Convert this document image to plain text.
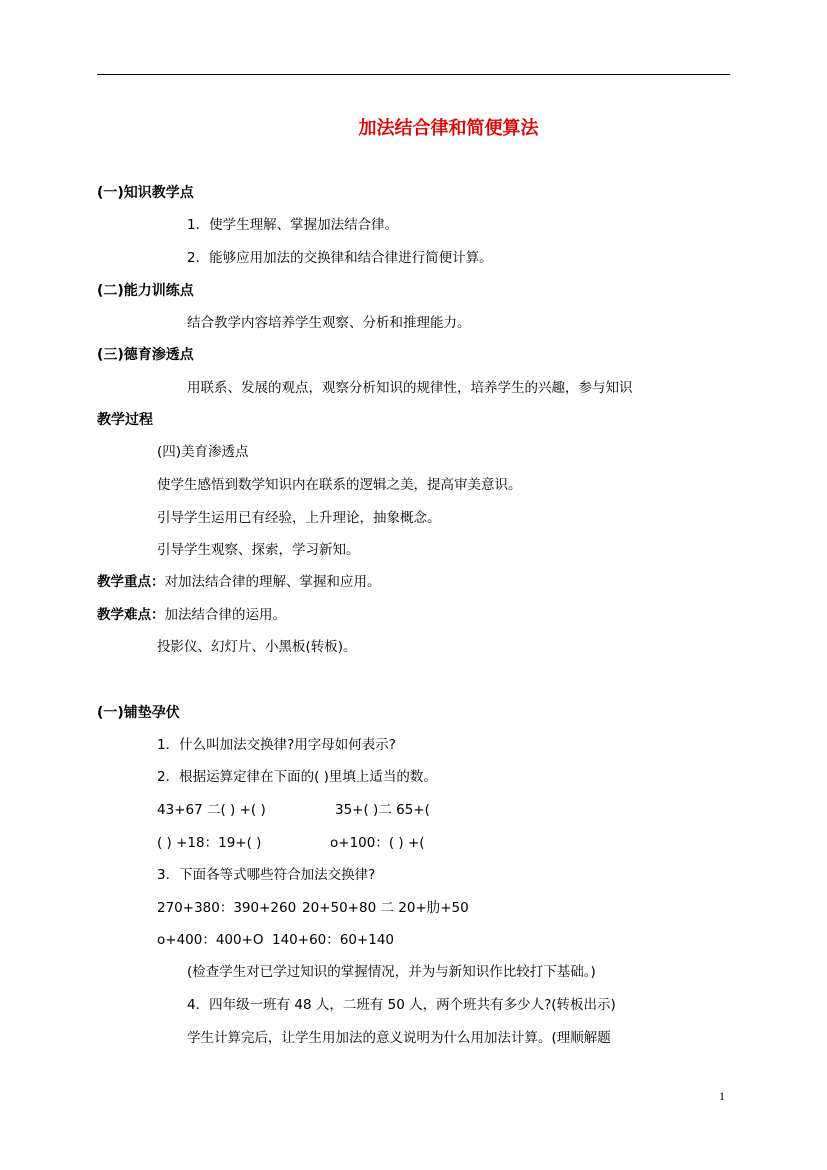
加法结合律和简便算法
(一)知识教学点
1．使学生理解、掌握加法结合律。
2．能够应用加法的交换律和结合律进行简便计算。
(二)能力训练点
结合教学内容培养学生观察、分析和推理能力。
(三)德育渗透点
用联系、发展的观点，观察分析知识的规律性，培养学生的兴趣，参与知识
教学过程
(四)美育渗透点
使学生感悟到数学知识内在联系的逻辑之美，提高审美意识。
引导学生运用已有经验，上升理论，抽象概念。
引导学生观察、探索，学习新知。
教学重点：对加法结合律的理解、掌握和应用。
教学难点：加法结合律的运用。
投影仪、幻灯片、小黑板(转板)。
(一)铺垫孕伏
1．什么叫加法交换律?用字母如何表示?
2．根据运算定律在下面的( )里填上适当的数。
43+67 二( ) +( )	35+( )二 65+(
( ) +18：19+( )	o+100：( ) +(
3．下面各等式哪些符合加法交换律?
270+380：390+260 20+50+80 二 20+肋+50
o+400：400+O 140+60：60+140
(检查学生对已学过知识的掌握情况，并为与新知识作比较打下基础。)
4．四年级一班有 48 人，二班有 50 人，两个班共有多少人?(转板出示)
学生计算完后，让学生用加法的意义说明为什么用加法计算。(理顺解题
1
